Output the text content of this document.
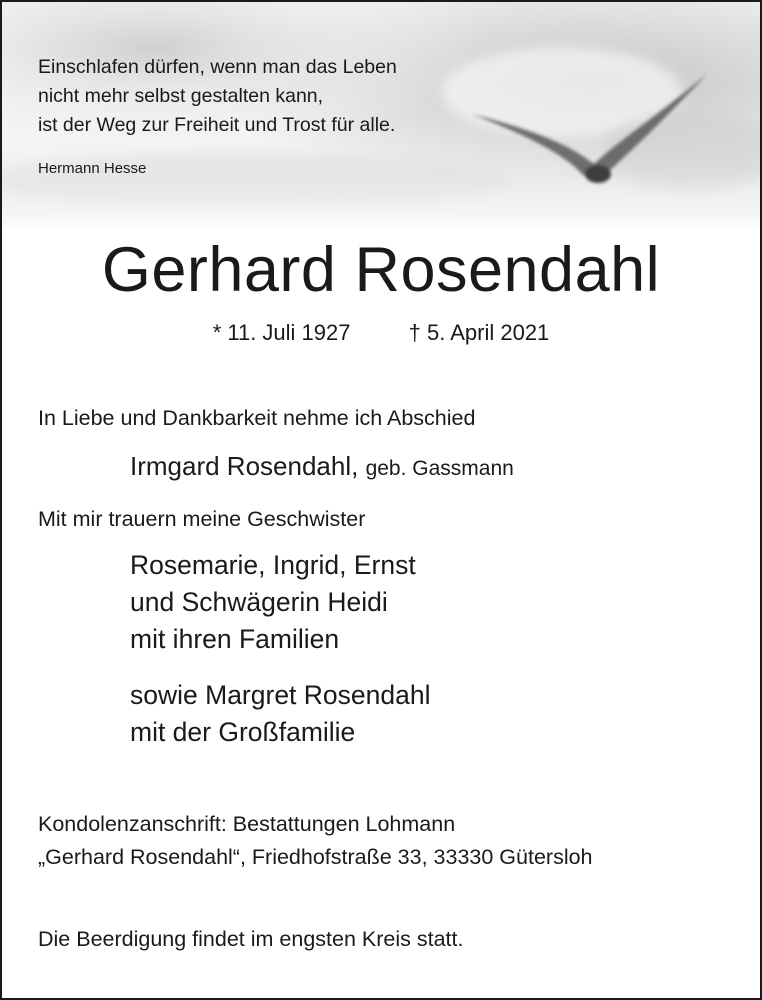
Einschlafen dürfen, wenn man das Leben
nicht mehr selbst gestalten kann,
ist der Weg zur Freiheit und Trost für alle.
Hermann Hesse
Gerhard Rosendahl
* 11. Juli 1927	† 5. April 2021
In Liebe und Dankbarkeit nehme ich Abschied
Irmgard Rosendahl, geb. Gassmann
Mit mir trauern meine Geschwister
Rosemarie, Ingrid, Ernst
und Schwägerin Heidi
mit ihren Familien
sowie Margret Rosendahl
mit der Großfamilie
Kondolenzanschrift: Bestattungen Lohmann
„Gerhard Rosendahl“, Friedhofstraße 33, 33330 Gütersloh
Die Beerdigung findet im engsten Kreis statt.
